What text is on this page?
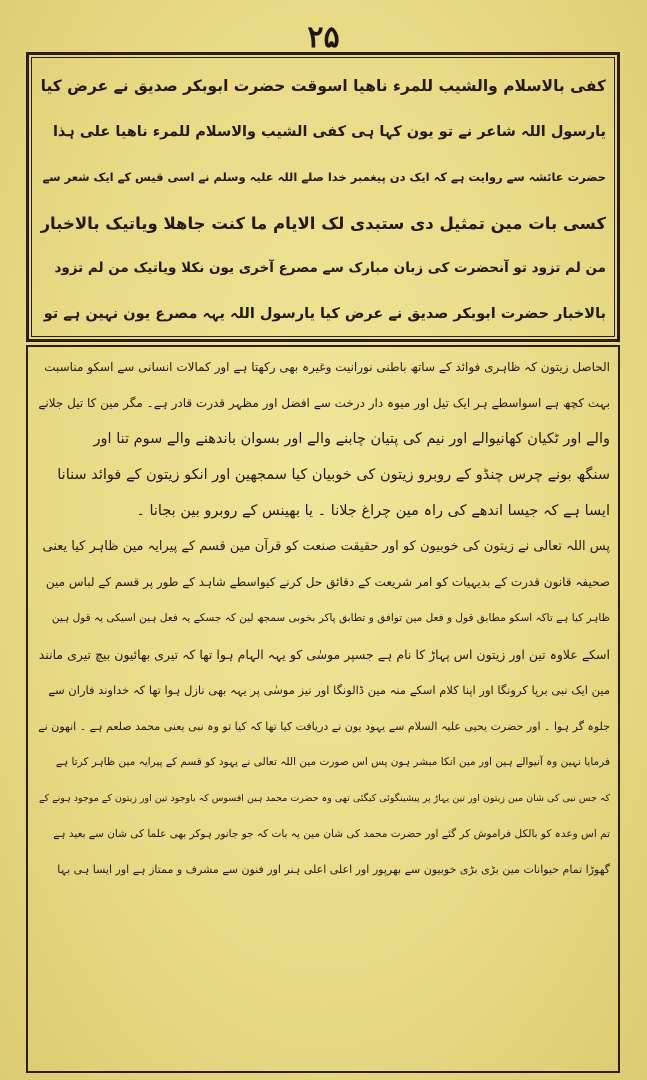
۲۵
کفی بالاسلام والشیب للمرء ناھیا اسوقت حضرت ابوبکر صدیق نے عرض کیا
یارسول اللہ شاعر نے تو یون کہا ہی کفی الشیب والاسلام للمرء ناھیا علی ہذا
حضرت عائشہ سے روایت ہے کہ ایک دن پیغمبر خدا صلے اللہ علیہ وسلم نے اسی قیس کے ایک شعر سے
کسی بات مین تمثیل دی ستبدی لک الایام ما کنت جاھلا ویاتیک بالاخبار
من لم تزود تو آنحضرت کی زبان مبارک سے مصرع آخری یون نکلا ویاتیک من لم تزود
بالاخبار حضرت ابوبکر صدیق نے عرض کیا یارسول اللہ یہہ مصرع یون نہین ہے تو
الحاصل زیتون کہ ظاہری فوائد کے ساتھ باطنی نورانیت وغیرہ بھی رکھتا ہے اور کمالات انسانی سے اسکو مناسبت
بہت کچھ ہے اسواسطے ہر ایک تیل اور میوہ دار درخت سے افضل اور مظہر قدرت قادر ہے۔ مگر مین کا تیل جلانے
والے اور ٹکیان کھانیوالے اور نیم کی پتیان چابنے والے اور بسوان باندھنے والے سوم تنا اور
سنگھ بونے چرس چنڈو کے روبرو زیتون کی خوبیان کیا سمجھین اور انکو زیتون کے فوائد سنانا
ایسا ہے کہ جیسا اندھے کی راہ مین چراغ جلانا ۔ یا بھینس کے روبرو بین بجانا ۔
پس اللہ تعالی نے زیتون کی خوبیون کو اور حقیقت صنعت کو قرآن مین قسم کے پیرایہ مین ظاہر کیا یعنی
صحیفہ قانون قدرت کے بدیہیات کو امر شریعت کے دقائق حل کرنے کیواسطے شاہد کے طور پر قسم کے لباس مین
ظاہر کیا ہے تاکہ اسکو مطابق قول و فعل مین توافق و تطابق پاکر بخوبی سمجھ لین کہ جسکے یہ فعل ہین اسیکی یہ قول ہین
اسکے علاوہ تین اور زیتون اس پہاڑ کا نام ہے جسپر موسٰی کو یہہ الہام ہوا تھا کہ تیری بھائیون بیچ تیری مانند
مین ایک نبی برپا کرونگا اور اپنا کلام اسکے منہ مین ڈالونگا اور نیز موسٰی پر یہہ بھی نازل ہوا تھا کہ خداوند فاران سے
جلوہ گر ہوا ۔ اور حضرت یحیی علیہ السلام سے یہود یون نے دریافت کیا تھا کہ کیا تو وہ نبی یعنی محمد صلعم ہے ۔ انھون نے
فرمایا نہین وہ آنیوالے ہین اور مین انکا مبشر ہون پس اس صورت مین اللہ تعالی نے یہود کو قسم کے پیرایہ مین ظاہر کرتا ہے
کہ جس نبی کی شان مین زیتون اور تین پہاڑ پر پیشینگوئی کیگئی تھی وہ حضرت محمد ہین افسوس کہ باوجود تین اور زیتون کے موجود ہونے کے
تم اس وعدہ کو بالکل فراموش کر گئے اور حضرت محمد کی شان مین یہ بات کہ جو جانور ہوکر بھی علما کی شان سے بعید ہے
گھوڑا تمام حیوانات مین بڑی بڑی خوبیون سے بھرپور اور اعلی اعلی ہنر اور فنون سے مشرف و ممتاز ہے اور ایسا ہی بہا
